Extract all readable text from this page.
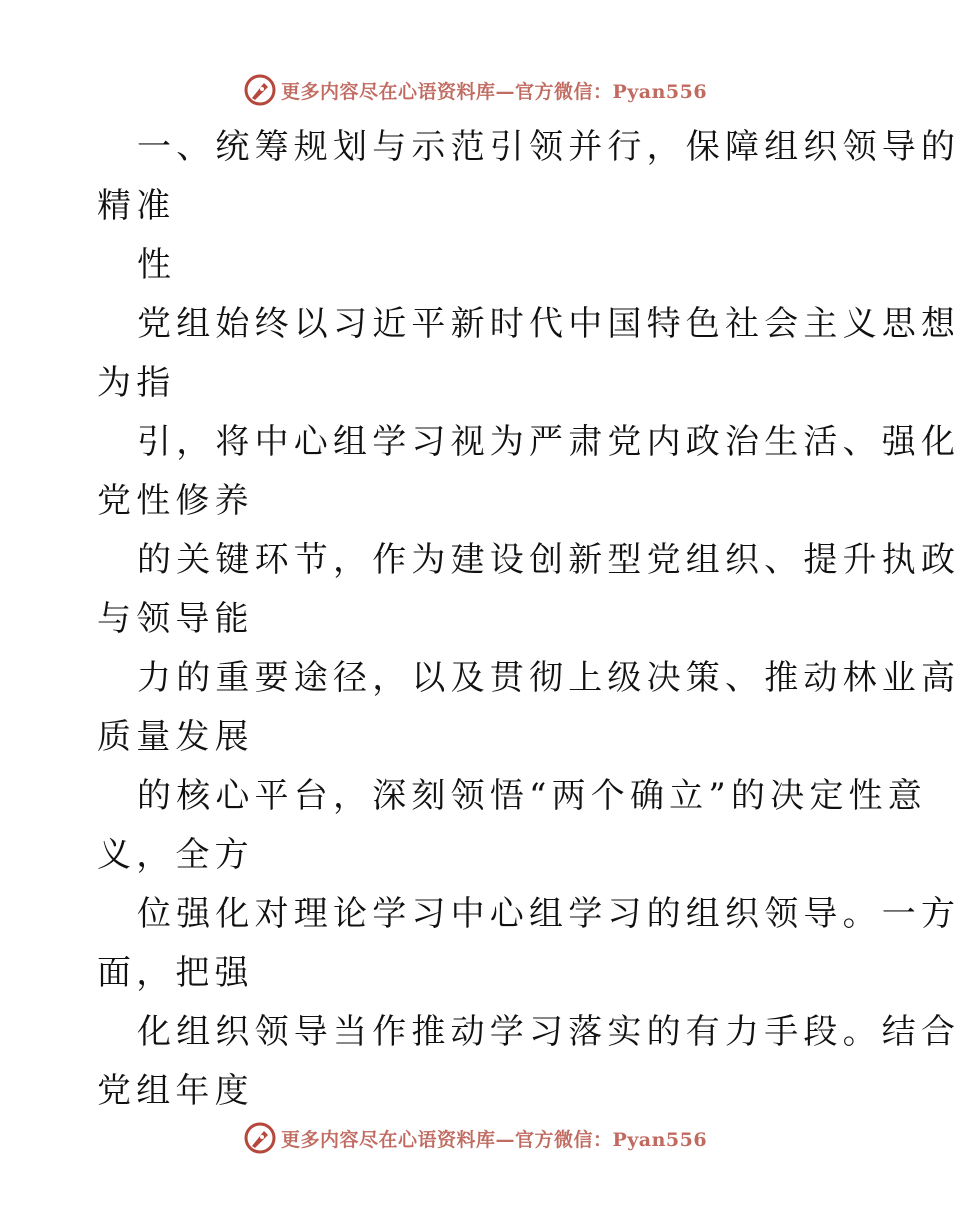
更多内容尽在心语资料库—官方微信：Pyan556
一、统筹规划与示范引领并行，保障组织领导的
精准
性
党组始终以习近平新时代中国特色社会主义思想
为指
引，将中心组学习视为严肃党内政治生活、强化
党性修养
的关键环节，作为建设创新型党组织、提升执政
与领导能
力的重要途径，以及贯彻上级决策、推动林业高
质量发展
的核心平台，深刻领悟“两个确立”的决定性意
义，全方
位强化对理论学习中心组学习的组织领导。一方
面，把强
化组织领导当作推动学习落实的有力手段。结合
党组年度
更多内容尽在心语资料库—官方微信：Pyan556
